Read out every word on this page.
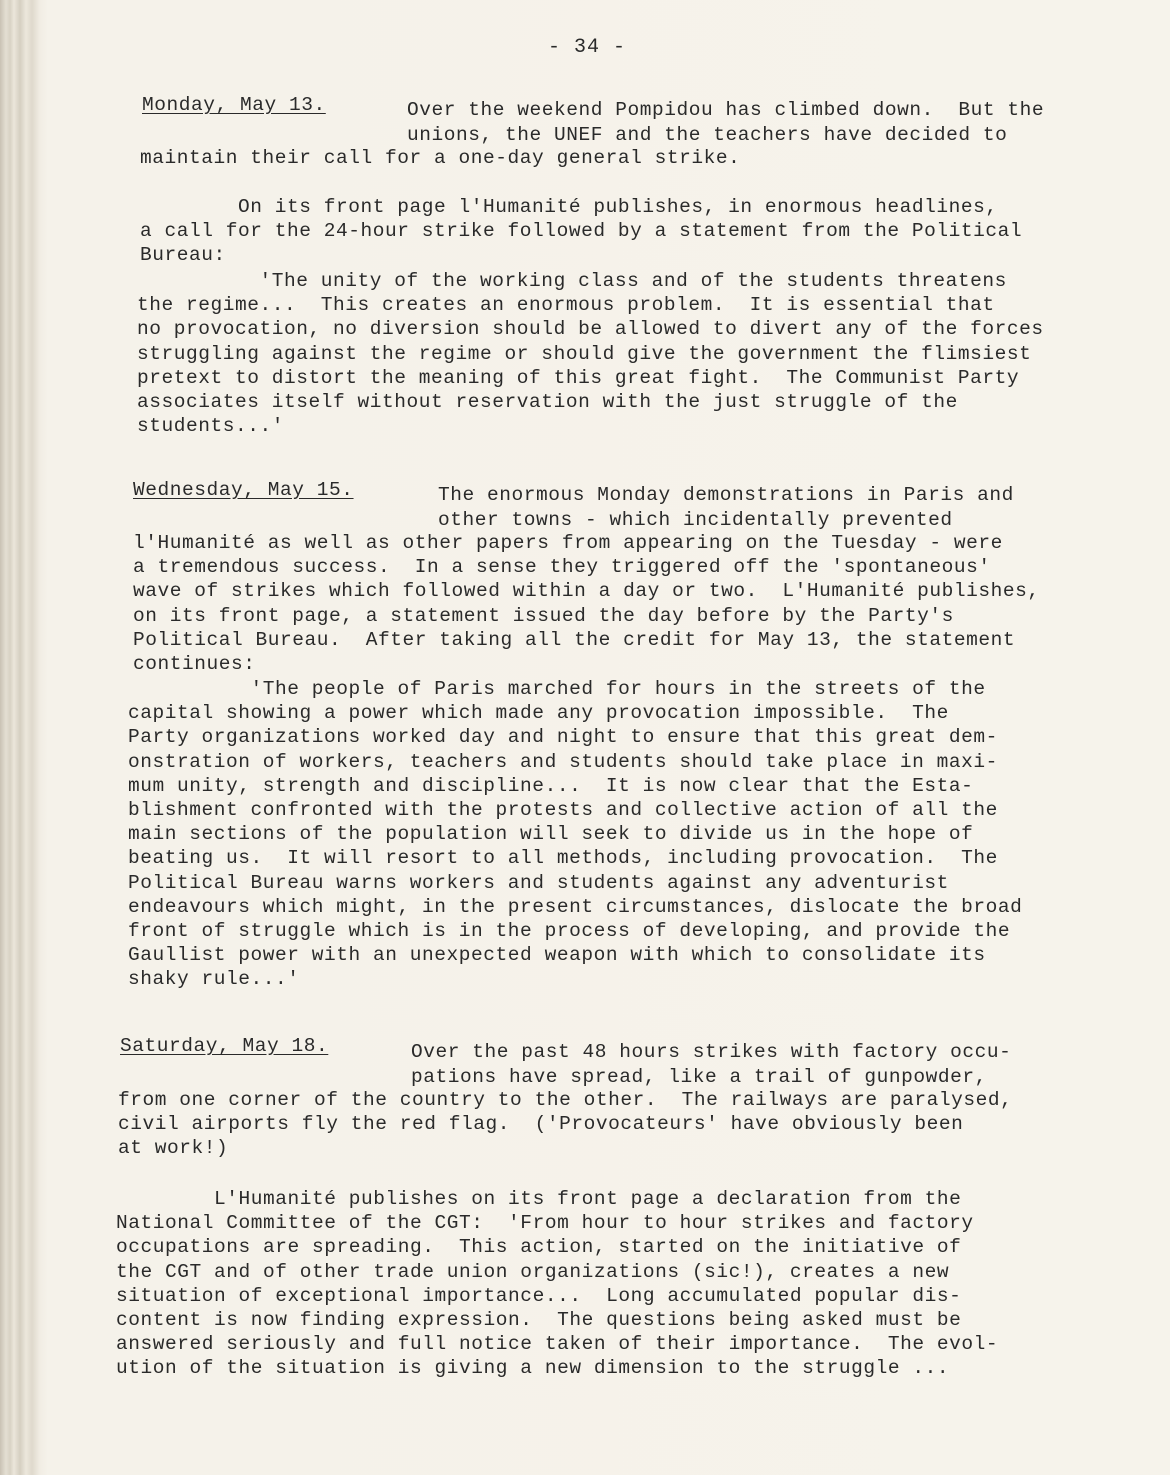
- 34 -
Monday, May 13.	Over the weekend Pompidou has climbed down.  But the
unions, the UNEF and the teachers have decided to
maintain their call for a one-day general strike.
On its front page l'Humanité publishes, in enormous headlines,
a call for the 24-hour strike followed by a statement from the Political
Bureau:
'The unity of the working class and of the students threatens
the regime...  This creates an enormous problem.  It is essential that
no provocation, no diversion should be allowed to divert any of the forces
struggling against the regime or should give the government the flimsiest
pretext to distort the meaning of this great fight.  The Communist Party
associates itself without reservation with the just struggle of the
students...'
Wednesday, May 15.	The enormous Monday demonstrations in Paris and
other towns - which incidentally prevented
l'Humanité as well as other papers from appearing on the Tuesday - were
a tremendous success.  In a sense they triggered off the 'spontaneous'
wave of strikes which followed within a day or two.  L'Humanité publishes,
on its front page, a statement issued the day before by the Party's
Political Bureau.  After taking all the credit for May 13, the statement
continues:
'The people of Paris marched for hours in the streets of the
capital showing a power which made any provocation impossible.  The
Party organizations worked day and night to ensure that this great dem-
onstration of workers, teachers and students should take place in maxi-
mum unity, strength and discipline...  It is now clear that the Esta-
blishment confronted with the protests and collective action of all the
main sections of the population will seek to divide us in the hope of
beating us.  It will resort to all methods, including provocation.  The
Political Bureau warns workers and students against any adventurist
endeavours which might, in the present circumstances, dislocate the broad
front of struggle which is in the process of developing, and provide the
Gaullist power with an unexpected weapon with which to consolidate its
shaky rule...'
Saturday, May 18.	Over the past 48 hours strikes with factory occu-
pations have spread, like a trail of gunpowder,
from one corner of the country to the other.  The railways are paralysed,
civil airports fly the red flag.  ('Provocateurs' have obviously been
at work!)
L'Humanité publishes on its front page a declaration from the
National Committee of the CGT:  'From hour to hour strikes and factory
occupations are spreading.  This action, started on the initiative of
the CGT and of other trade union organizations (sic!), creates a new
situation of exceptional importance...  Long accumulated popular dis-
content is now finding expression.  The questions being asked must be
answered seriously and full notice taken of their importance.  The evol-
ution of the situation is giving a new dimension to the struggle ...
